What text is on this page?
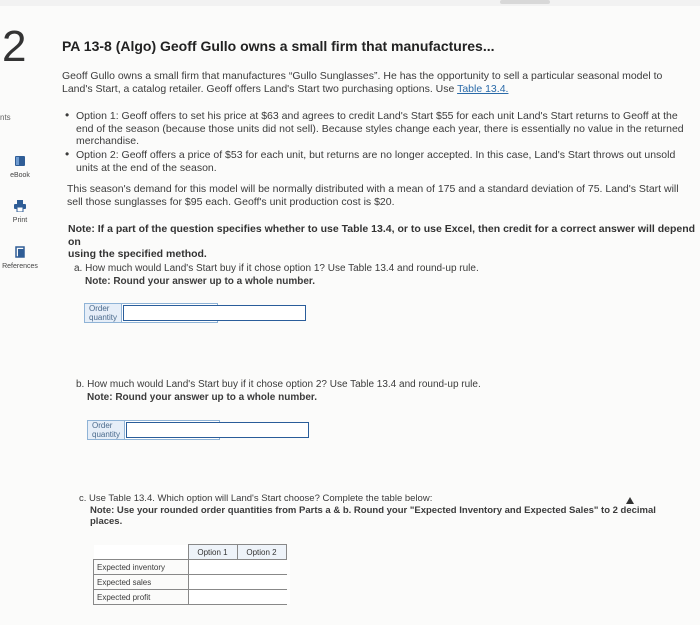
2
nts
eBook
Print
References
PA 13-8 (Algo) Geoff Gullo owns a small firm that manufactures...
Geoff Gullo owns a small firm that manufactures “Gullo Sunglasses”. He has the opportunity to sell a particular seasonal model to
Land's Start, a catalog retailer. Geoff offers Land's Start two purchasing options. Use Table 13.4.
• Option 1: Geoff offers to set his price at $63 and agrees to credit Land's Start $55 for each unit Land's Start returns to Geoff at the
end of the season (because those units did not sell). Because styles change each year, there is essentially no value in the returned
merchandise.
• Option 2: Geoff offers a price of $53 for each unit, but returns are no longer accepted. In this case, Land's Start throws out unsold
units at the end of the season.
This season's demand for this model will be normally distributed with a mean of 175 and a standard deviation of 75. Land's Start will
sell those sunglasses for $95 each. Geoff's unit production cost is $20.
Note: If a part of the question specifies whether to use Table 13.4, or to use Excel, then credit for a correct answer will depend on
using the specified method.
a. How much would Land's Start buy if it chose option 1? Use Table 13.4 and round-up rule.
Note: Round your answer up to a whole number.
Order quantity
b. How much would Land's Start buy if it chose option 2? Use Table 13.4 and round-up rule.
Note: Round your answer up to a whole number.
Order quantity
c. Use Table 13.4. Which option will Land's Start choose? Complete the table below:
Note: Use your rounded order quantities from Parts a & b. Round your "Expected Inventory and Expected Sales" to 2 decimal
places.
	Option 1	Option 2
Expected inventory		
Expected sales		
Expected profit		
